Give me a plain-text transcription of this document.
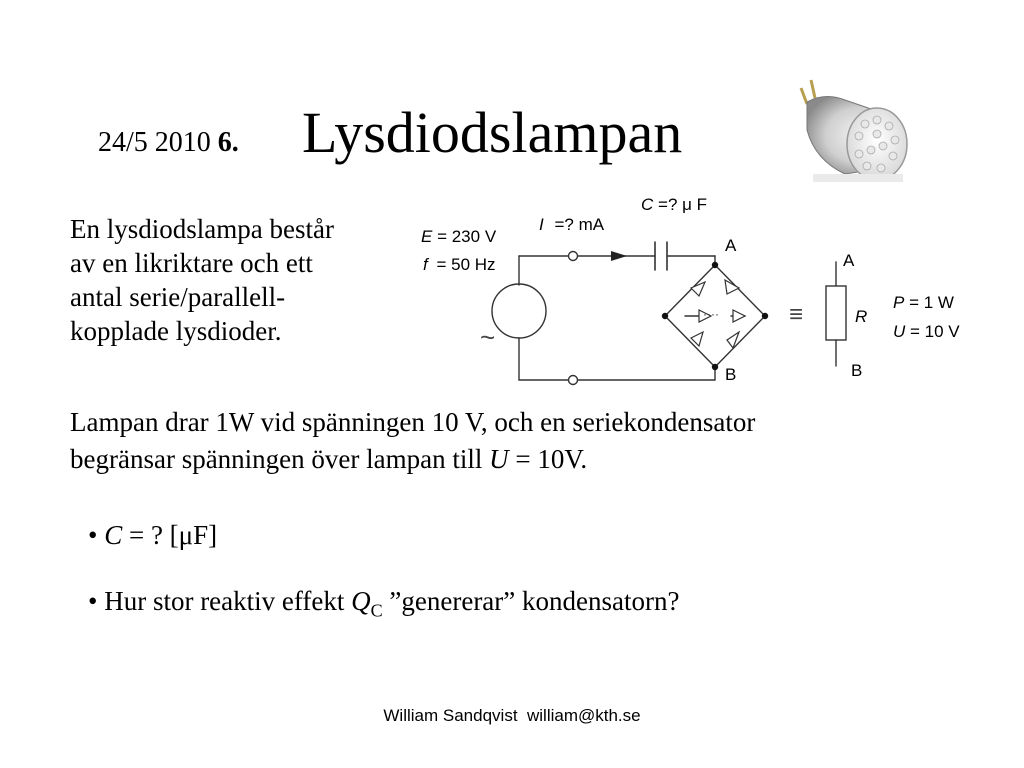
24/5 2010 6. Lysdiodslampan
En lysdiodslampa består
av en likriktare och ett
antal serie/parallell-
kopplade lysdioder.
E = 230 V
f = 50 Hz
I =? mA
C =? μ F
A
B
····
~
≡
A
R
B
P = 1 W
U = 10 V
Lampan drar 1W vid spänningen 10 V, och en seriekondensator
begränsar spänningen över lampan till U = 10V.
• C = ? [μF]
• Hur stor reaktiv effekt $Q_C$ ”genererar” kondensatorn?
William Sandqvist  william@kth.se
